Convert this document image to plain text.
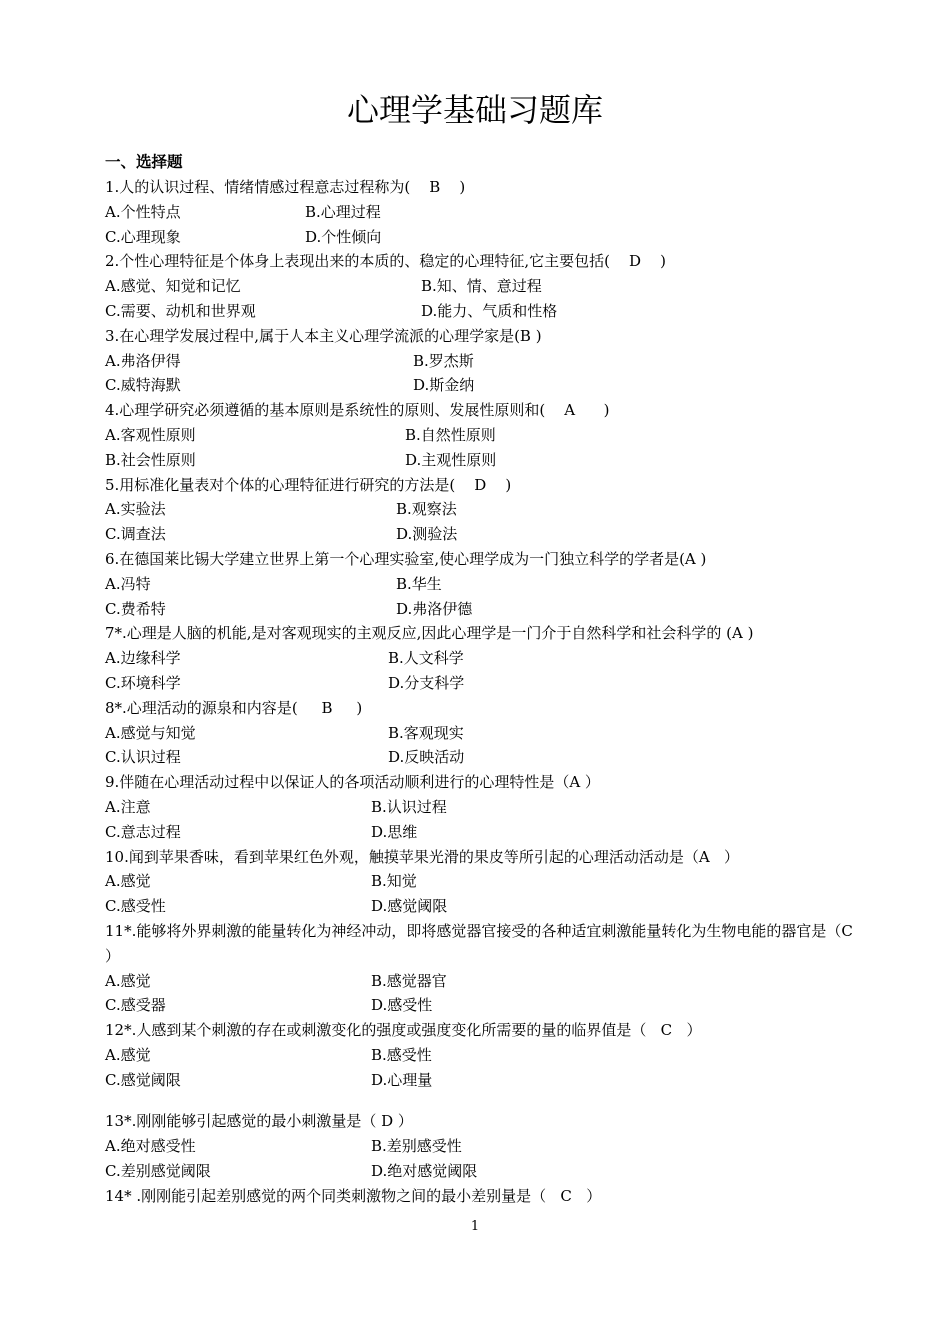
心理学基础习题库
一、选择题
1.人的认识过程、情绪情感过程意志过程称为(    B    )
A.个性特点	B.心理过程
C.心理现象	D.个性倾向
2.个性心理特征是个体身上表现出来的本质的、稳定的心理特征,它主要包括(    D    )
A.感觉、知觉和记忆	B.知、情、意过程
C.需要、动机和世界观	D.能力、气质和性格
3.在心理学发展过程中,属于人本主义心理学流派的心理学家是(B )
A.弗洛伊得	B.罗杰斯
C.威特海默	D.斯金纳
4.心理学研究必须遵循的基本原则是系统性的原则、发展性原则和(    A      )
A.客观性原则	B.自然性原则
B.社会性原则	D.主观性原则
5.用标准化量表对个体的心理特征进行研究的方法是(    D    )
A.实验法	B.观察法
C.调查法	D.测验法
6.在德国莱比锡大学建立世界上第一个心理实验室,使心理学成为一门独立科学的学者是(A )
A.冯特	B.华生
C.费希特	D.弗洛伊德
7*.心理是人脑的机能,是对客观现实的主观反应,因此心理学是一门介于自然科学和社会科学的 (A )
A.边缘科学	B.人文科学
C.环境科学	D.分支科学
8*.心理活动的源泉和内容是(     B     )
A.感觉与知觉	B.客观现实
C.认识过程	D.反映活动
9.伴随在心理活动过程中以保证人的各项活动顺利进行的心理特性是（A ）
A.注意	B.认识过程
C.意志过程	D.思维
10.闻到苹果香味，看到苹果红色外观，触摸苹果光滑的果皮等所引起的心理活动活动是（A   ）
A.感觉	B.知觉
C.感受性	D.感觉阈限
11*.能够将外界刺激的能量转化为神经冲动，即将感觉器官接受的各种适宜刺激能量转化为生物电能的器官是（C ）
A.感觉	B.感觉器官
C.感受器	D.感受性
12*.人感到某个刺激的存在或刺激变化的强度或强度变化所需要的量的临界值是（   C   ）
A.感觉	B.感受性
C.感觉阈限	D.心理量
13*.刚刚能够引起感觉的最小刺激量是（ D ）
A.绝对感受性	B.差别感受性
C.差别感觉阈限	D.绝对感觉阈限
14* .刚刚能引起差别感觉的两个同类刺激物之间的最小差别量是（   C   ）
1
